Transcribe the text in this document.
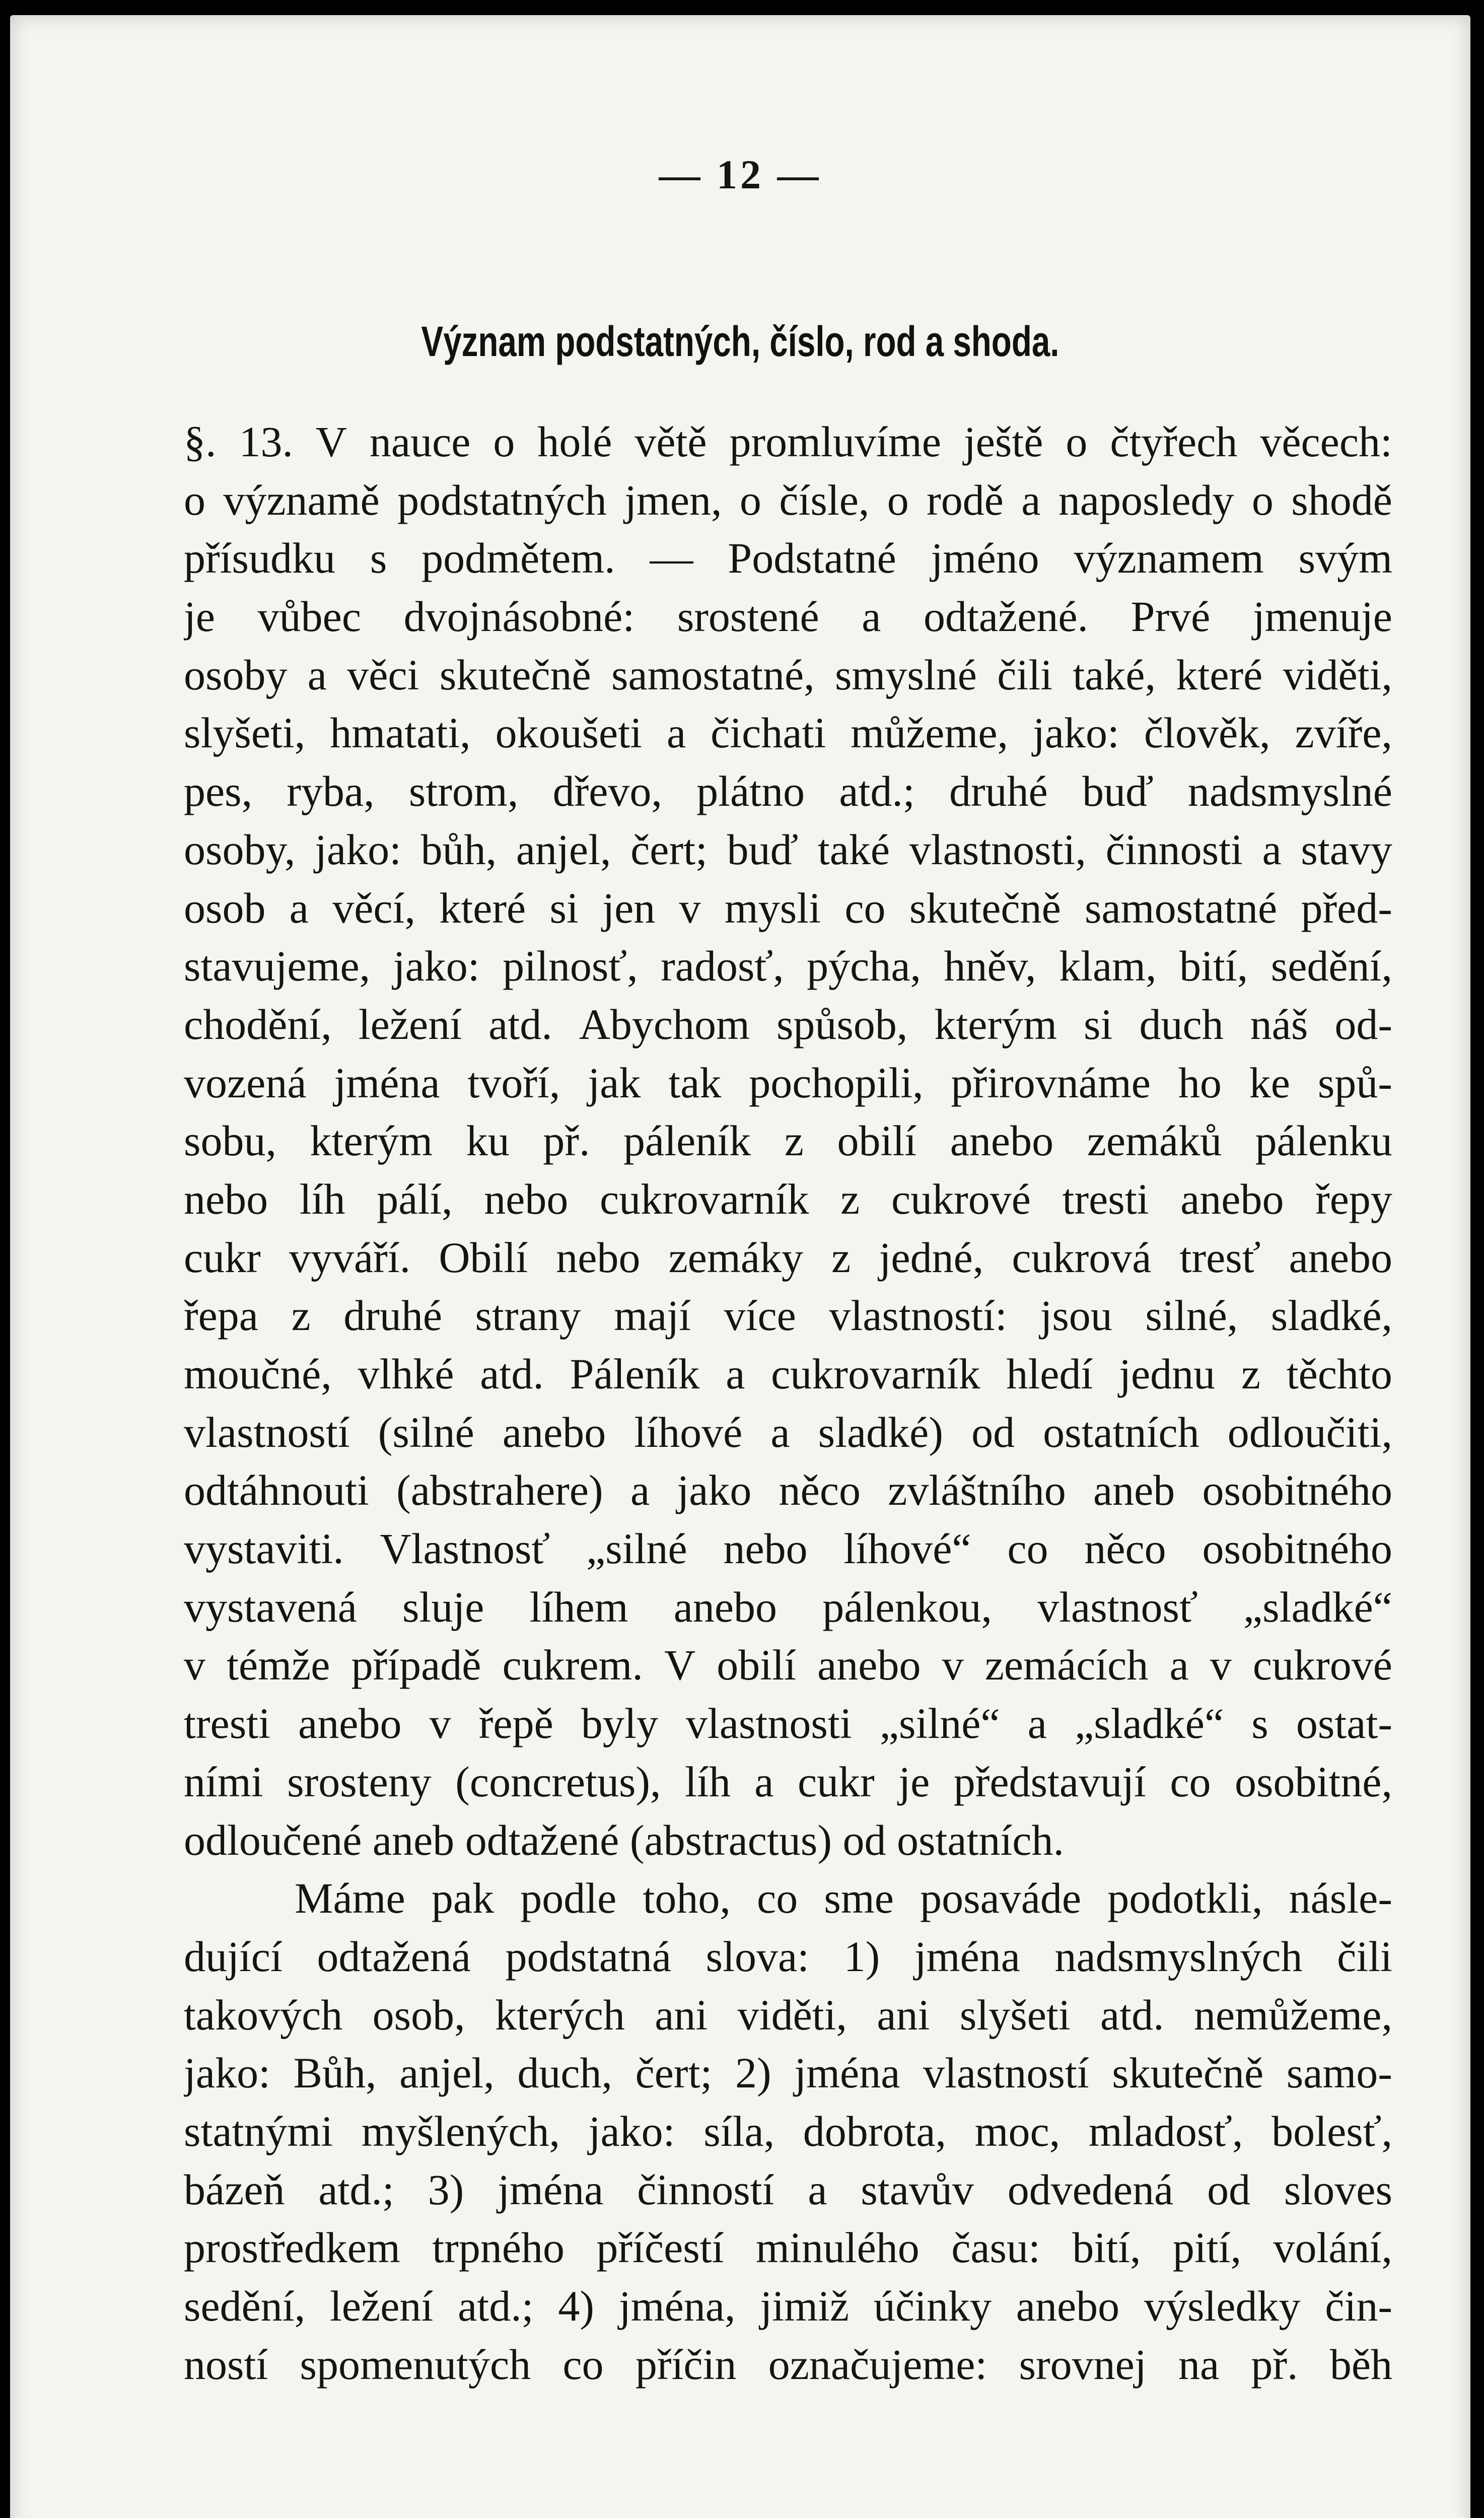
— 12 —
Význam podstatných, číslo, rod a shoda.
§. 13. V nauce o holé větě promluvíme ještě o čtyřech věcech:
o významě podstatných jmen, o čísle, o rodě a naposledy o shodě
přísudku s podmětem. — Podstatné jméno významem svým
je vůbec dvojnásobné: srostené a odtažené. Prvé jmenuje
osoby a věci skutečně samostatné, smyslné čili také, které viděti,
slyšeti, hmatati, okoušeti a čichati můžeme, jako: člověk, zvíře,
pes, ryba, strom, dřevo, plátno atd.; druhé buď nadsmyslné
osoby, jako: bůh, anjel, čert; buď také vlastnosti, činnosti a stavy
osob a věcí, které si jen v mysli co skutečně samostatné před-
stavujeme, jako: pilnosť, radosť, pýcha, hněv, klam, bití, sedění,
chodění, ležení atd. Abychom spůsob, kterým si duch náš od-
vozená jména tvoří, jak tak pochopili, přirovnáme ho ke spů-
sobu, kterým ku př. páleník z obilí anebo zemáků pálenku
nebo líh pálí, nebo cukrovarník z cukrové tresti anebo řepy
cukr vyváří. Obilí nebo zemáky z jedné, cukrová tresť anebo
řepa z druhé strany mají více vlastností: jsou silné, sladké,
moučné, vlhké atd. Páleník a cukrovarník hledí jednu z těchto
vlastností (silné anebo líhové a sladké) od ostatních odloučiti,
odtáhnouti (abstrahere) a jako něco zvláštního aneb osobitného
vystaviti. Vlastnosť „silné nebo líhové“ co něco osobitného
vystavená sluje líhem anebo pálenkou, vlastnosť „sladké“
v témže případě cukrem. V obilí anebo v zemácích a v cukrové
tresti anebo v řepě byly vlastnosti „silné“ a „sladké“ s ostat-
ními srosteny (concretus), líh a cukr je představují co osobitné,
odloučené aneb odtažené (abstractus) od ostatních.
Máme pak podle toho, co sme posaváde podotkli, násle-
dující odtažená podstatná slova: 1) jména nadsmyslných čili
takových osob, kterých ani viděti, ani slyšeti atd. nemůžeme,
jako: Bůh, anjel, duch, čert; 2) jména vlastností skutečně samo-
statnými myšlených, jako: síla, dobrota, moc, mladosť, bolesť,
bázeň atd.; 3) jména činností a stavův odvedená od sloves
prostředkem trpného příčestí minulého času: bití, pití, volání,
sedění, ležení atd.; 4) jména, jimiž účinky anebo výsledky čin-
ností spomenutých co příčin označujeme: srovnej na př. běh
